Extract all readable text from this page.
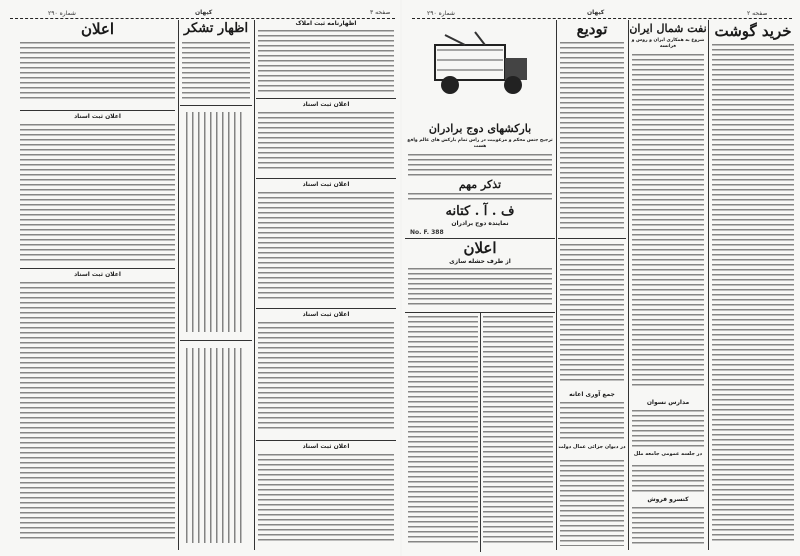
شماره ۲۹۰	کیهان	صفحه ۳
اعلان
اعلان ثبت اسناد
اعلان ثبت اسناد
اظهار تشکر	اظهارنامه ثبت املاک
اعلان ثبت اسناد
اعلان ثبت اسناد
اعلان ثبت اسناد
اعلان ثبت اسناد
شماره ۲۹۰	کیهان	صفحه ۲
بارکشهای دوج برادران
ترجیح جنس محکم و مرغوبیت در راس تمام بارکش های عالم واقع هست
تذکر مهم
ف . آ . کتانه
نماینده دوج برادران
No. F. 388
اعلان
از طرف حشله سازی
تودیع
جمع آوری اعانه
در دیوان جزائی عمال دولت
نفت شمال ایران
شروع به همکاری ایران و روس و فرانسه
مدارس نسوان
در جلسه عمومی جامعه ملل
کنسرو فروش
خرید گوشت
